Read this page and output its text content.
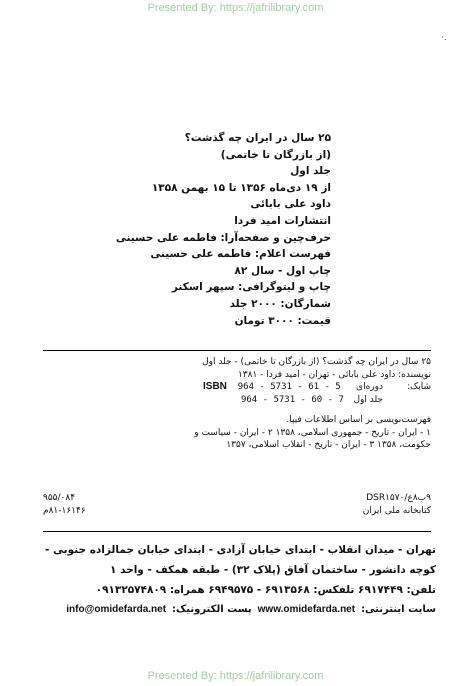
Presented By: https://jafrilibrary.com
·.
۲۵ سال در ایران چه گذشت؟
(از بازرگان تا خاتمی)
جلد اول
از ۱۹ دی‌ماه ۱۳۵۶ تا ۱۵ بهمن ۱۳۵۸
داود علی بابائی
انتشارات امید فردا
حرف‌چین و صفحه‌آرا: فاطمه علی حسینی
فهرست اعلام: فاطمه علی حسینی
چاپ اول - سال ۸۲
چاپ و لیتوگرافی: سپهر اسکنر
شمارگان: ۲۰۰۰ جلد
قیمت: ۳۰۰۰ تومان
۲۵ سال در ایران چه گذشت؟ (از بازرگان تا خاتمی) - جلد اول
نویسنده: داود علی بابائی - تهران - امید فردا - ۱۳۸۱
شابک:
دوره‌ای
ISBN 964 - 5731 - 61 - 5
جلد اول
964 - 5731 - 60 - 7
فهرست‌نویسی بر اساس اطلاعات فیپا.
۱ - ایران - تاریخ - جمهوری اسلامی، ۱۳۵۸ ۲ - ایران - سیاست و
حکومت، ۱۳۵۸ ۳ - ایران - تاریخ - انقلاب اسلامی، ۱۳۵۷
۹۵۵/۰۸۴	۹ب۸ع/DSR۱۵۷۰
۸۱-۱۶۱۴۶م	کتابخانه ملی ایران
تهران - میدان انقلاب - ابتدای خیابان آزادی - ابتدای خیابان جمالزاده جنوبی -
کوچه دانشور - ساختمان آفاق (پلاک ۳۲) - طبقه همکف - واحد ۱
تلفن: ۶۹۱۷۴۴۹ تلفکس: ۶۹۱۳۵۶۸ - ۶۹۴۹۵۷۵ همراه: ۰۹۱۳۲۵۷۴۸۰۹
سایت اینترنتی:
www.omidefarda.net
پست الکترونیک:
info@omidefarda.net
Presented By: https://jafrilibrary.com
